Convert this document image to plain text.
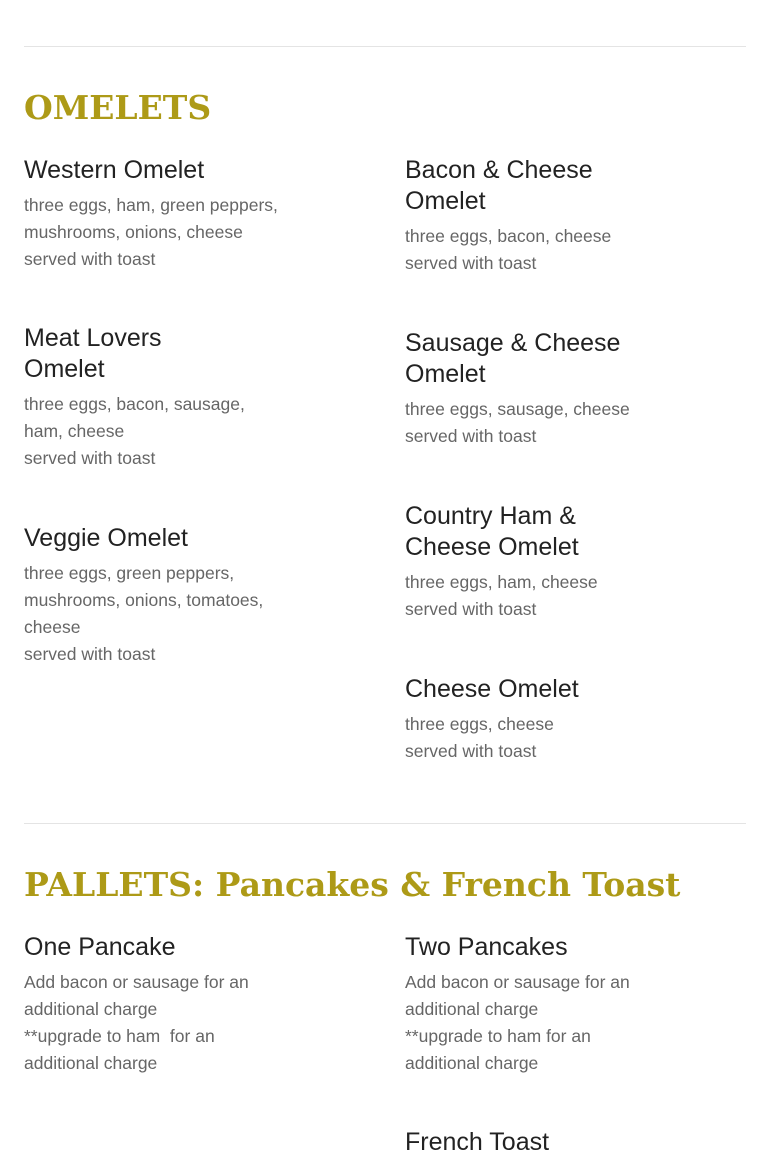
OMELETS
Western Omelet

three eggs, ham, green peppers,
mushrooms, onions, cheese
served with toast

Bacon & Cheese
Omelet

three eggs, bacon, cheese
served with toast

Meat Lovers
Omelet

three eggs, bacon, sausage,
ham, cheese
served with toast

Sausage & Cheese
Omelet

three eggs, sausage, cheese
served with toast

Veggie Omelet

three eggs, green peppers,
mushrooms, onions, tomatoes,
cheese
served with toast

Country Ham &
Cheese Omelet

three eggs, ham, cheese
served with toast

Cheese Omelet

three eggs, cheese
served with toast

PALLETS: Pancakes & French Toast
One Pancake

Add bacon or sausage for an
additional charge
**upgrade to ham  for an
additional charge

Two Pancakes

Add bacon or sausage for an
additional charge
**upgrade to ham for an
additional charge

French Toast
